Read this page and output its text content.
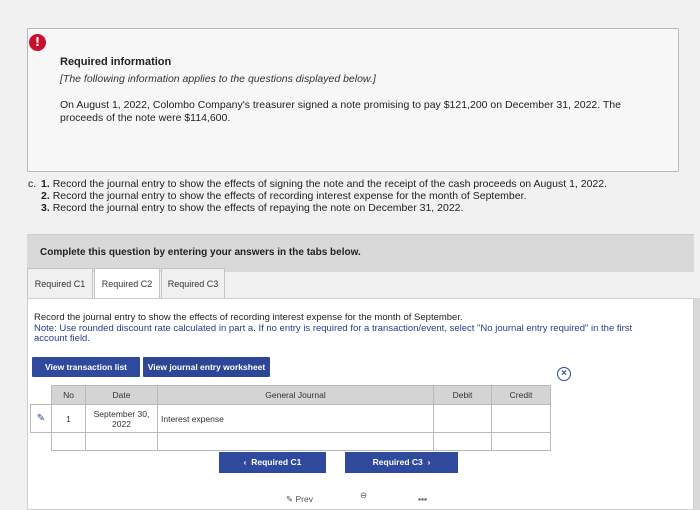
!
Required information
[The following information applies to the questions displayed below.]
On August 1, 2022, Colombo Company's treasurer signed a note promising to pay $121,200 on December 31, 2022. The proceeds of the note were $114,600.
c. 1. Record the journal entry to show the effects of signing the note and the receipt of the cash proceeds on August 1, 2022.
2. Record the journal entry to show the effects of recording interest expense for the month of September.
3. Record the journal entry to show the effects of repaying the note on December 31, 2022.
Complete this question by entering your answers in the tabs below.
Required C1	Required C2	Required C3
Record the journal entry to show the effects of recording interest expense for the month of September.
Note: Use rounded discount rate calculated in part a. If no entry is required for a transaction/event, select "No journal entry required" in the first account field.
View transaction list	View journal entry worksheet
×
	No	Date	General Journal	Debit	Credit
✎	1	September 30, 2022	Interest expense		

‹ Required C1	Required C3 ›
✎ Prev	⊖	▪▪▪
